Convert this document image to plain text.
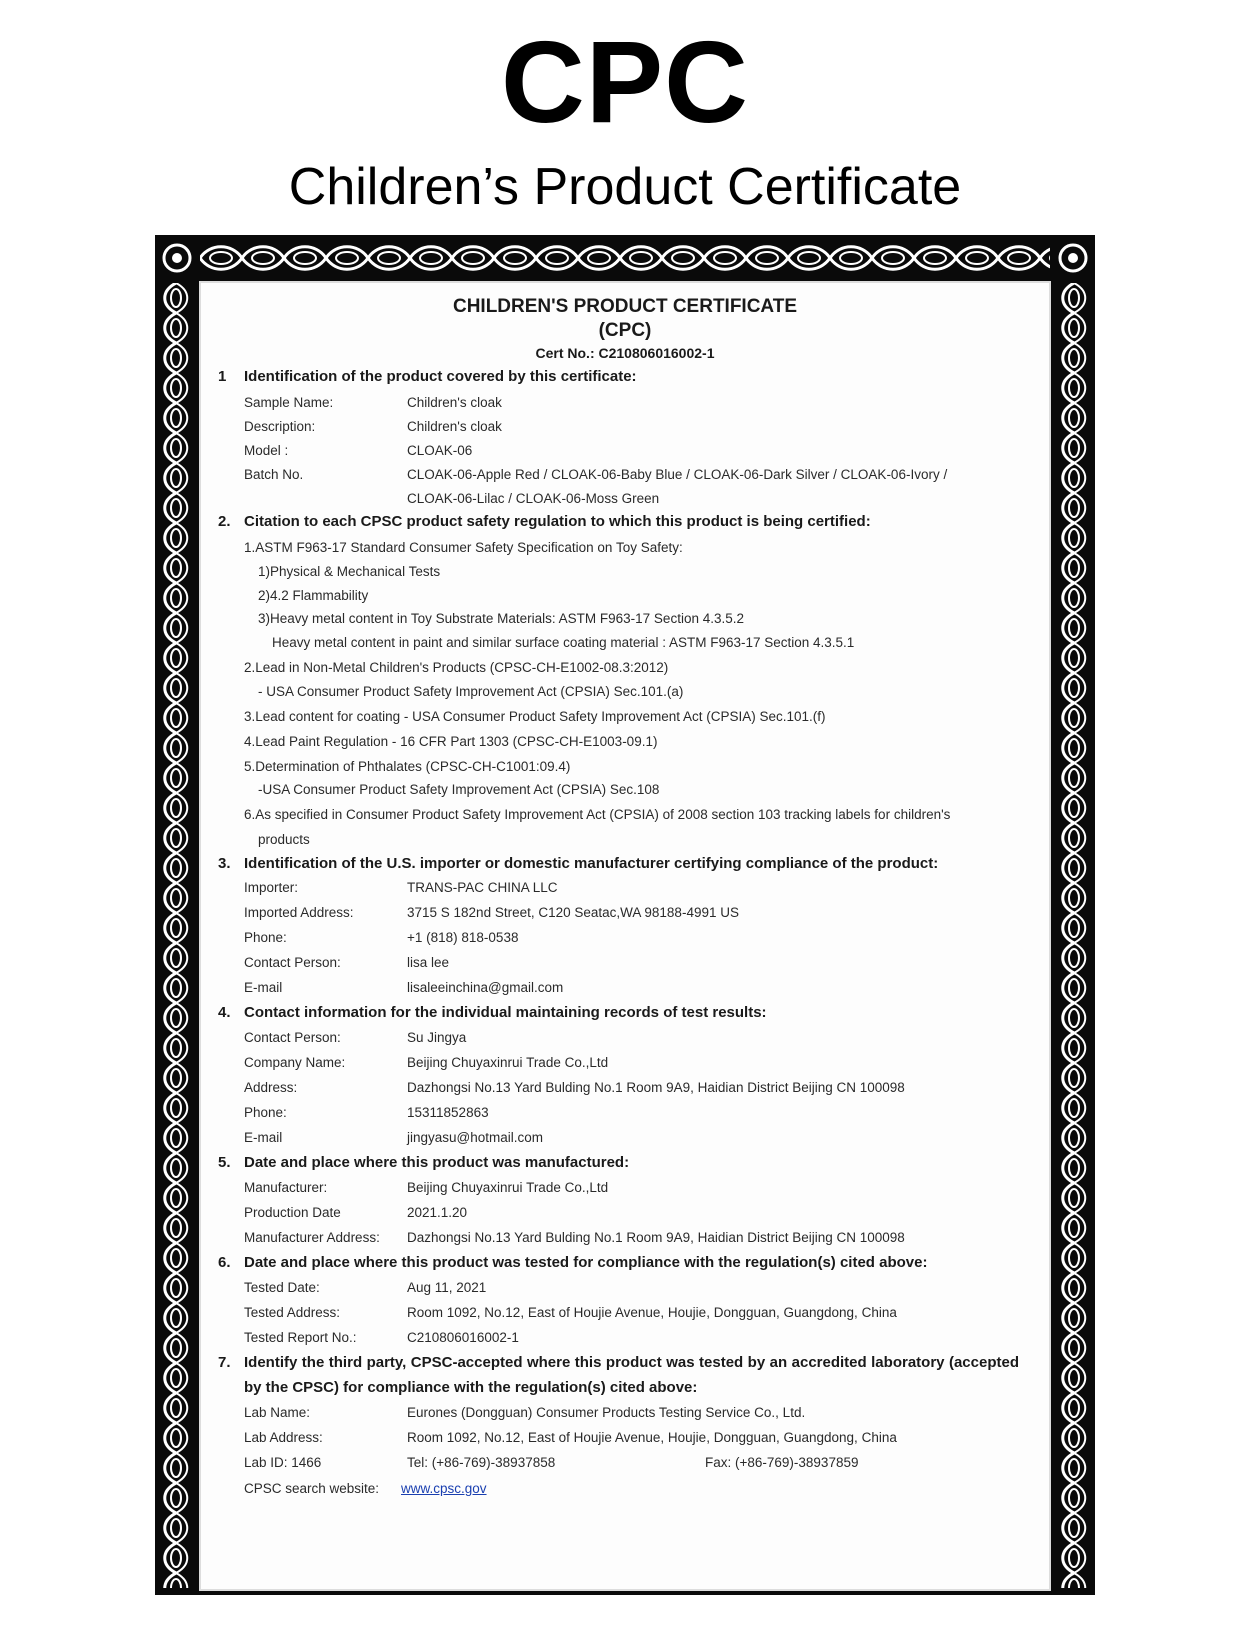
CPC
Children’s Product Certificate
CHILDREN'S PRODUCT CERTIFICATE
(CPC)
Cert No.: C210806016002-1
1 Identification of the product covered by this certificate:
Sample Name:	Children's cloak
Description:	Children's cloak
Model :	CLOAK-06
Batch No.	CLOAK-06-Apple Red / CLOAK-06-Baby Blue / CLOAK-06-Dark Silver / CLOAK-06-Ivory /
CLOAK-06-Lilac / CLOAK-06-Moss Green
2. Citation to each CPSC product safety regulation to which this product is being certified:
1.ASTM F963-17 Standard Consumer Safety Specification on Toy Safety:
1)Physical & Mechanical Tests
2)4.2 Flammability
3)Heavy metal content in Toy Substrate Materials: ASTM F963-17 Section 4.3.5.2
Heavy metal content in paint and similar surface coating material : ASTM F963-17 Section 4.3.5.1
2.Lead in Non-Metal Children's Products (CPSC-CH-E1002-08.3:2012)
- USA Consumer Product Safety Improvement Act (CPSIA) Sec.101.(a)
3.Lead content for coating - USA Consumer Product Safety Improvement Act (CPSIA) Sec.101.(f)
4.Lead Paint Regulation - 16 CFR Part 1303 (CPSC-CH-E1003-09.1)
5.Determination of Phthalates (CPSC-CH-C1001:09.4)
-USA Consumer Product Safety Improvement Act (CPSIA) Sec.108
6.As specified in Consumer Product Safety Improvement Act (CPSIA) of 2008 section 103 tracking labels for children's
products
3. Identification of the U.S. importer or domestic manufacturer certifying compliance of the product:
Importer:	TRANS-PAC CHINA LLC
Imported Address:	3715 S 182nd Street, C120 Seatac,WA 98188-4991 US
Phone:	+1 (818) 818-0538
Contact Person:	lisa lee
E-mail	lisaleeinchina@gmail.com
4. Contact information for the individual maintaining records of test results:
Contact Person:	Su Jingya
Company Name:	Beijing Chuyaxinrui Trade Co.,Ltd
Address:	Dazhongsi No.13 Yard Bulding No.1 Room 9A9, Haidian District Beijing CN 100098
Phone:	15311852863
E-mail	jingyasu@hotmail.com
5. Date and place where this product was manufactured:
Manufacturer:	Beijing Chuyaxinrui Trade Co.,Ltd
Production Date	2021.1.20
Manufacturer Address: Dazhongsi No.13 Yard Bulding No.1 Room 9A9, Haidian District Beijing CN 100098
6. Date and place where this product was tested for compliance with the regulation(s) cited above:
Tested Date:	Aug 11, 2021
Tested Address:	Room 1092, No.12, East of Houjie Avenue, Houjie, Dongguan, Guangdong, China
Tested Report No.:	C210806016002-1
7. Identify the third party, CPSC-accepted where this product was tested by an accredited laboratory (accepted by the CPSC) for compliance with the regulation(s) cited above:
Lab Name:	Eurones (Dongguan) Consumer Products Testing Service Co., Ltd.
Lab Address:	Room 1092, No.12, East of Houjie Avenue, Houjie, Dongguan, Guangdong, China
Lab ID: 1466	Tel: (+86-769)-38937858	Fax: (+86-769)-38937859
CPSC search website: www.cpsc.gov
